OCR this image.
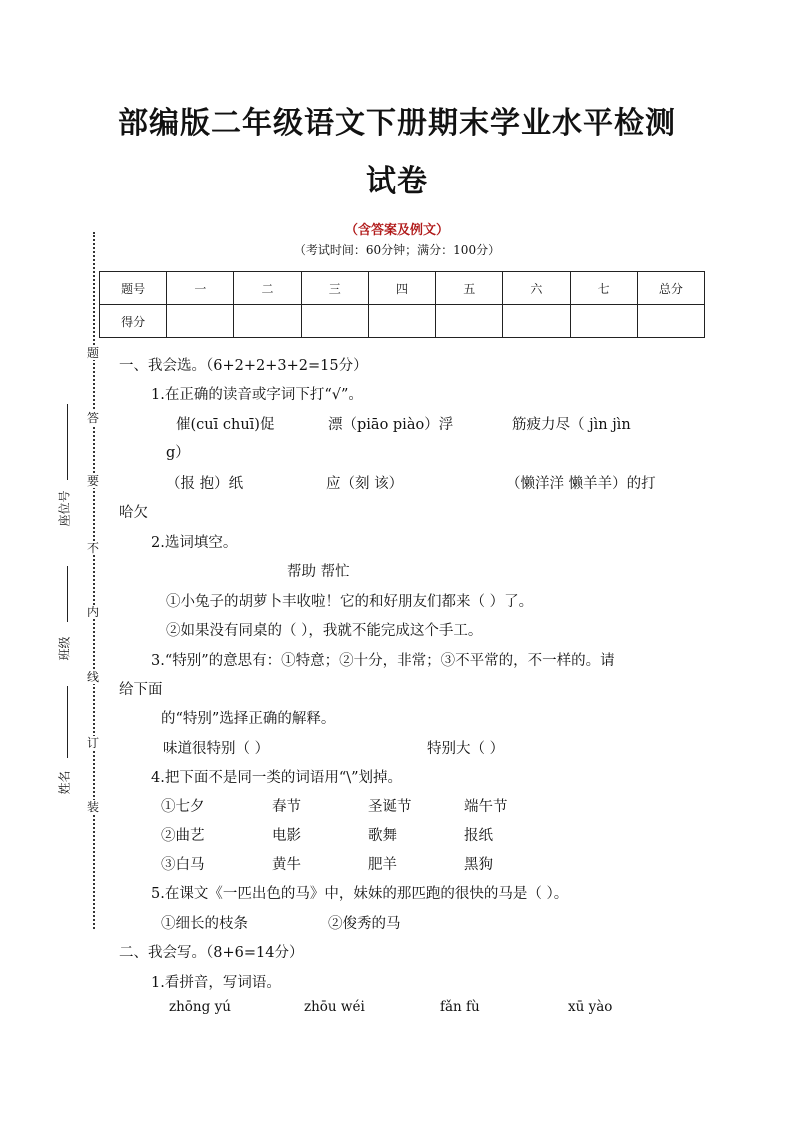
部编版二年级语文下册期末学业水平检测
试卷
（含答案及例文）
（考试时间：60分钟；满分：100分）
题
答
要
不
内
线
订
装
座位号
班级
姓名
题号	一	二	三	四	五	六	七	总分
得分								
一、我会选。（6+2+2+3+2=15分）
1.在正确的读音或字词下打“√”。
催(cuī chuī)促	漂（piāo piào）浮	筋疲力尽（ jìn jìn
g）
（报 抱）纸	应（刻 该）	（懒洋洋 懒羊羊）的打
哈欠
2.选词填空。
帮助 帮忙
①小兔子的胡萝卜丰收啦！它的和好朋友们都来（ ）了。
②如果没有同桌的（ ），我就不能完成这个手工。
3.“特别”的意思有：①特意；②十分，非常；③不平常的，不一样的。请
给下面
的“特别”选择正确的解释。
味道很特别（ ）	特别大（ ）
4.把下面不是同一类的词语用“\”划掉。
①七夕	春节	圣诞节	端午节
②曲艺	电影	歌舞	报纸
③白马	黄牛	肥羊	黑狗
5.在课文《一匹出色的马》中，妹妹的那匹跑的很快的马是（ ）。
①细长的枝条	②俊秀的马
二、我会写。（8+6=14分）
1.看拼音，写词语。
zhōng yú	zhōu wéi	fǎn fù	xū yào
